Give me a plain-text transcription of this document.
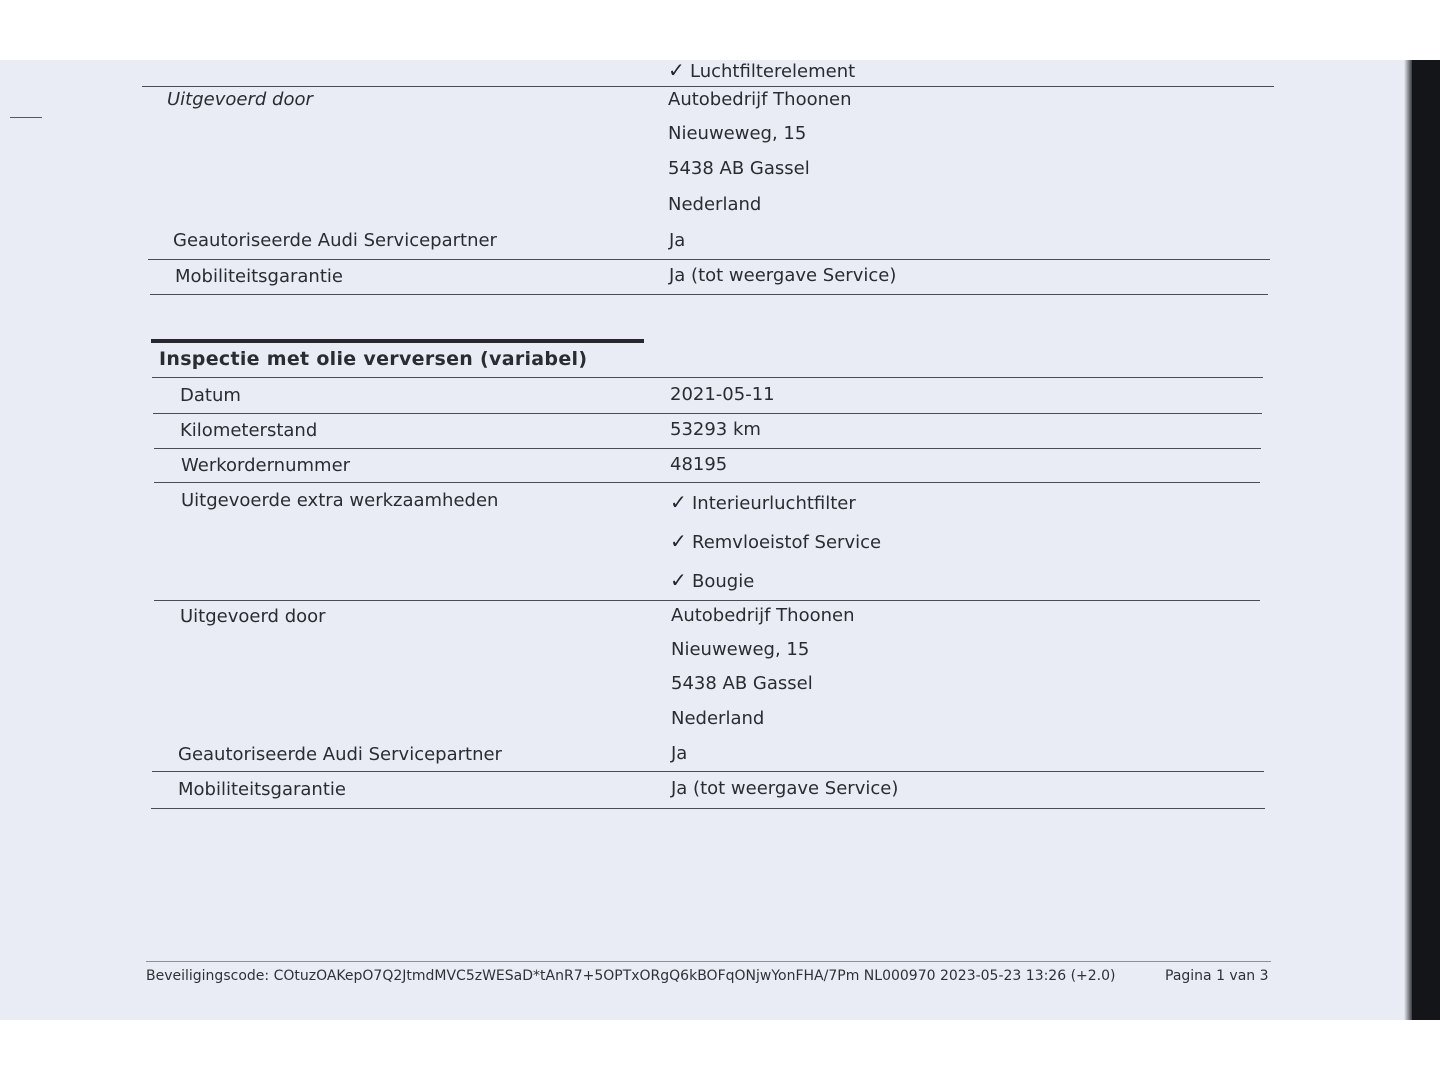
✓ Luchtfilterelement
Uitgevoerd door	Autobedrijf Thoonen
Nieuweweg, 15
5438 AB Gassel
Nederland
Geautoriseerde Audi Servicepartner	Ja
Mobiliteitsgarantie	Ja (tot weergave Service)
Inspectie met olie verversen (variabel)
Datum	2021-05-11
Kilometerstand	53293 km
Werkordernummer	48195
Uitgevoerde extra werkzaamheden	✓ Interieurluchtfilter
✓ Remvloeistof Service
✓ Bougie
Uitgevoerd door	Autobedrijf Thoonen
Nieuweweg, 15
5438 AB Gassel
Nederland
Geautoriseerde Audi Servicepartner	Ja
Mobiliteitsgarantie	Ja (tot weergave Service)
Beveiligingscode: COtuzOAKepO7Q2JtmdMVC5zWESaD*tAnR7+5OPTxORgQ6kBOFqONjwYonFHA/7Pm NL000970 2023-05-23 13:26 (+2.0)	Pagina 1 van 3
